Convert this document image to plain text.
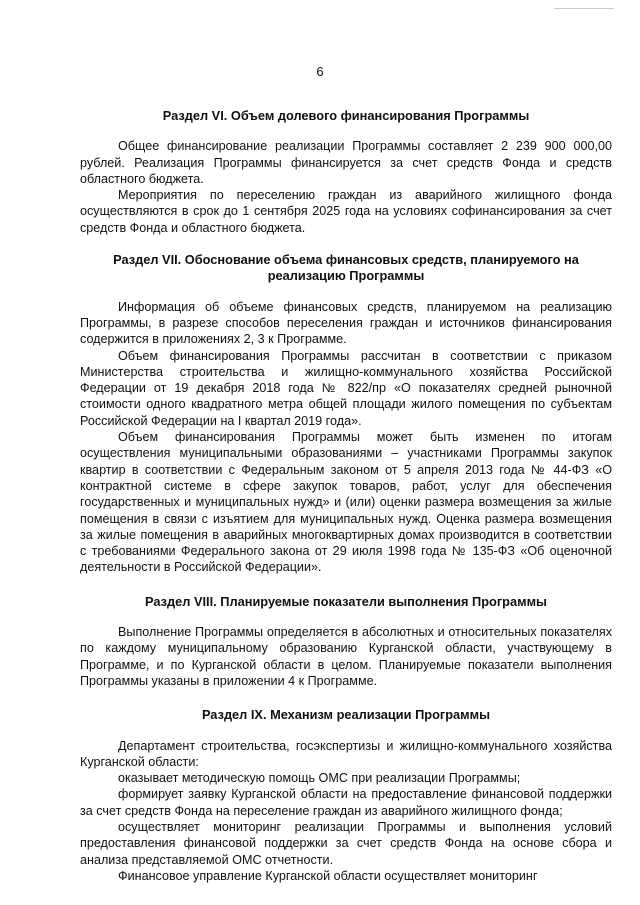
6
Раздел VI. Объем долевого финансирования Программы

Общее финансирование реализации Программы составляет 2 239 900 000,00 рублей. Реализация Программы финансируется за счет средств Фонда и средств областного бюджета.

Мероприятия по переселению граждан из аварийного жилищного фонда осуществляются в срок до 1 сентября 2025 года на условиях софинансирования за счет средств Фонда и областного бюджета.

Раздел VII. Обоснование объема финансовых средств, планируемого на реализацию Программы

Информация об объеме финансовых средств, планируемом на реализацию Программы, в разрезе способов переселения граждан и источников финансирования содержится в приложениях 2, 3 к Программе.

Объем финансирования Программы рассчитан в соответствии с приказом Министерства строительства и жилищно-коммунального хозяйства Российской Федерации от 19 декабря 2018 года № 822/пр «О показателях средней рыночной стоимости одного квадратного метра общей площади жилого помещения по субъектам Российской Федерации на I квартал 2019 года».

Объем финансирования Программы может быть изменен по итогам осуществления муниципальными образованиями – участниками Программы закупок квартир в соответствии с Федеральным законом от 5 апреля 2013 года № 44-ФЗ «О контрактной системе в сфере закупок товаров, работ, услуг для обеспечения государственных и муниципальных нужд» и (или) оценки размера возмещения за жилые помещения в связи с изъятием для муниципальных нужд. Оценка размера возмещения за жилые помещения в аварийных многоквартирных домах производится в соответствии с требованиями Федерального закона от 29 июля 1998 года № 135-ФЗ «Об оценочной деятельности в Российской Федерации».

Раздел VIII. Планируемые показатели выполнения Программы

Выполнение Программы определяется в абсолютных и относительных показателях по каждому муниципальному образованию Курганской области, участвующему в Программе, и по Курганской области в целом. Планируемые показатели выполнения Программы указаны в приложении 4 к Программе.

Раздел IX. Механизм реализации Программы

Департамент строительства, госэкспертизы и жилищно-коммунального хозяйства Курганской области:

оказывает методическую помощь ОМС при реализации Программы;

формирует заявку Курганской области на предоставление финансовой поддержки за счет средств Фонда на переселение граждан из аварийного жилищного фонда;

осуществляет мониторинг реализации Программы и выполнения условий предоставления финансовой поддержки за счет средств Фонда на основе сбора и анализа представляемой ОМС отчетности.

Финансовое управление Курганской области осуществляет мониторинг
